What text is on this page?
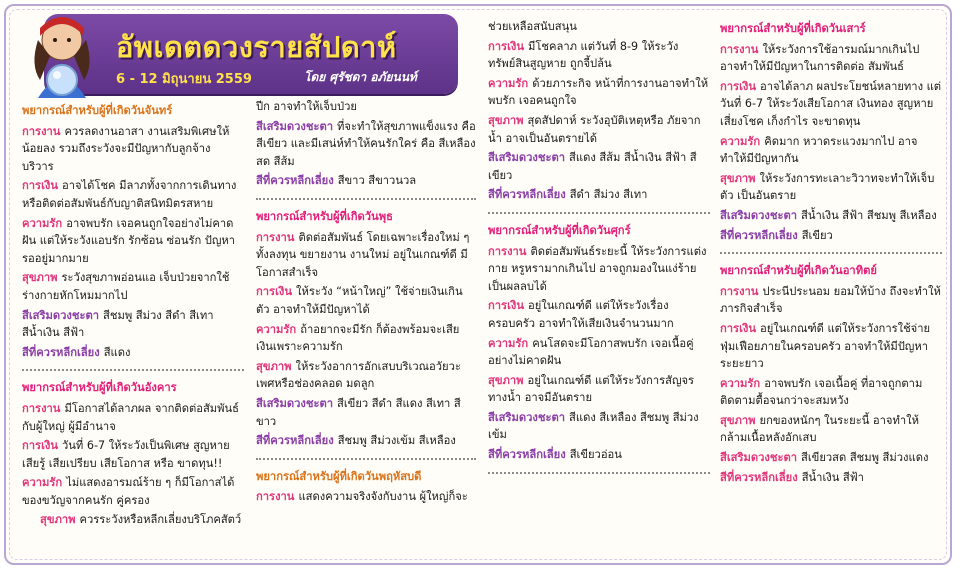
อัพเดตดวงรายสัปดาห์
6 - 12 มิถุนายน 2559	โดย ศุรัชดา อภัยนนท์
พยากรณ์สำหรับผู้ที่เกิดวันจันทร์

การงาน ควรลดงานอาสา งานเสริมพิเศษให้น้อยลง รวมถึงระวังจะมีปัญหากับลูกจ้าง บริวาร

การเงิน อาจได้โชค มีลาภทั้งจากการเดินทางหรือติดต่อสัมพันธ์กับญาติสนิทมิตรสหาย

ความรัก อาจพบรัก เจอคนถูกใจอย่างไม่คาดฝัน แต่ให้ระวังแอบรัก รักซ้อน ซ่อนรัก ปัญหารออยู่มากมาย

สุขภาพ ระวังสุขภาพอ่อนแอ เจ็บป่วยจากใช้ร่างกายหักโหมมากไป

สีเสริมดวงชะตา สีชมพู สีม่วง สีดำ สีเทา สีน้ำเงิน สีฟ้า

สีที่ควรหลีกเลี่ยง สีแดง

พยากรณ์สำหรับผู้ที่เกิดวันอังคาร

การงาน มีโอกาสได้ลาภผล จากติดต่อสัมพันธ์กับผู้ใหญ่ ผู้มีอำนาจ

การเงิน วันที่ 6-7 ให้ระวังเป็นพิเศษ สูญหาย เสียรู้ เสียเปรียบ เสียโอกาส หรือ ขาดทุน!!

ความรัก ไม่แสดงอารมณ์ร้าย ๆ ก็มีโอกาสได้ของขวัญจากคนรัก คู่ครอง

สุขภาพ ควรระวังหรือหลีกเลี่ยงบริโภคสัตว์

ปีก อาจทำให้เจ็บป่วย

สีเสริมดวงชะตา ที่จะทำให้สุขภาพแข็งแรง คือ สีเขียว และมีเสน่ห์ทำให้คนรักใคร่ คือ สีเหลืองสด สีส้ม

สีที่ควรหลีกเลี่ยง สีขาว สีขาวนวล

พยากรณ์สำหรับผู้ที่เกิดวันพุธ

การงาน ติดต่อสัมพันธ์ โดยเฉพาะเรื่องใหม่ ๆ ทั้งลงทุน ขยายงาน งานใหม่ อยู่ในเกณฑ์ดี มีโอกาสสำเร็จ

การเงิน ให้ระวัง “หน้าใหญ่” ใช้จ่ายเงินเกินตัว อาจทำให้มีปัญหาได้

ความรัก ถ้าอยากจะมีรัก ก็ต้องพร้อมจะเสียเงินเพราะความรัก

สุขภาพ ให้ระวังอาการอักเสบบริเวณอวัยวะเพศหรือช่องคลอด มดลูก

สีเสริมดวงชะตา สีเขียว สีดำ สีแดง สีเทา สีขาว

สีที่ควรหลีกเลี่ยง สีชมพู สีม่วงเข้ม สีเหลือง

พยากรณ์สำหรับผู้ที่เกิดวันพฤหัสบดี

การงาน แสดงความจริงจังกับงาน ผู้ใหญ่ก็จะ

ช่วยเหลือสนับสนุน

การเงิน มีโชคลาภ แต่วันที่ 8-9 ให้ระวังทรัพย์สินสูญหาย ถูกจี้ปล้น

ความรัก ด้วยภาระกิจ หน้าที่การงานอาจทำให้พบรัก เจอคนถูกใจ

สุขภาพ สุดสัปดาห์ ระวังอุบัติเหตุหรือ ภัยจากน้ำ อาจเป็นอันตรายได้

สีเสริมดวงชะตา สีแดง สีส้ม สีน้ำเงิน สีฟ้า สีเขียว

สีที่ควรหลีกเลี่ยง สีดำ สีม่วง สีเทา

พยากรณ์สำหรับผู้ที่เกิดวันศุกร์

การงาน ติดต่อสัมพันธ์ระยะนี้ ให้ระวังการแต่งกาย หรูหรามากเกินไป อาจถูกมองในแง่ร้าย เป็นผลลบได้

การเงิน อยู่ในเกณฑ์ดี แต่ให้ระวังเรื่องครอบครัว อาจทำให้เสียเงินจำนวนมาก

ความรัก คนโสดจะมีโอกาสพบรัก เจอเนื้อคู่อย่างไม่คาดฝัน

สุขภาพ อยู่ในเกณฑ์ดี แต่ให้ระวังการสัญจรทางน้ำ อาจมีอันตราย

สีเสริมดวงชะตา สีแดง สีเหลือง สีชมพู สีม่วงเข้ม

สีที่ควรหลีกเลี่ยง สีเขียวอ่อน

พยากรณ์สำหรับผู้ที่เกิดวันเสาร์

การงาน ให้ระวังการใช้อารมณ์มากเกินไป อาจทำให้มีปัญหาในการติดต่อ สัมพันธ์

การเงิน อาจได้ลาภ ผลประโยชน์หลายทาง แต่วันที่ 6-7 ให้ระวังเสียโอกาส เงินทอง สูญหาย เสี่ยงโชค เก็งกำไร จะขาดทุน

ความรัก คิดมาก หวาดระแวงมากไป อาจทำให้มีปัญหากัน

สุขภาพ ให้ระวังการทะเลาะวิวาทจะทำให้เจ็บตัว เป็นอันตราย

สีเสริมดวงชะตา สีน้ำเงิน สีฟ้า สีชมพู สีเหลือง

สีที่ควรหลีกเลี่ยง สีเขียว

พยากรณ์สำหรับผู้ที่เกิดวันอาทิตย์

การงาน ประนีประนอม ยอมให้บ้าง ถึงจะทำให้ภารกิจสำเร็จ

การเงิน อยู่ในเกณฑ์ดี แต่ให้ระวังการใช้จ่ายฟุ่มเฟือยภายในครอบครัว อาจทำให้มีปัญหาระยะยาว

ความรัก อาจพบรัก เจอเนื้อคู่ ที่อาจถูกตามติดตามตื้อจนกว่าจะสมหวัง

สุขภาพ ยกของหนักๆ ในระยะนี้ อาจทำให้กล้ามเนื้อหลังอักเสบ

สีเสริมดวงชะตา สีเขียวสด สีชมพู สีม่วงแดง

สีที่ควรหลีกเลี่ยง สีน้ำเงิน สีฟ้า
